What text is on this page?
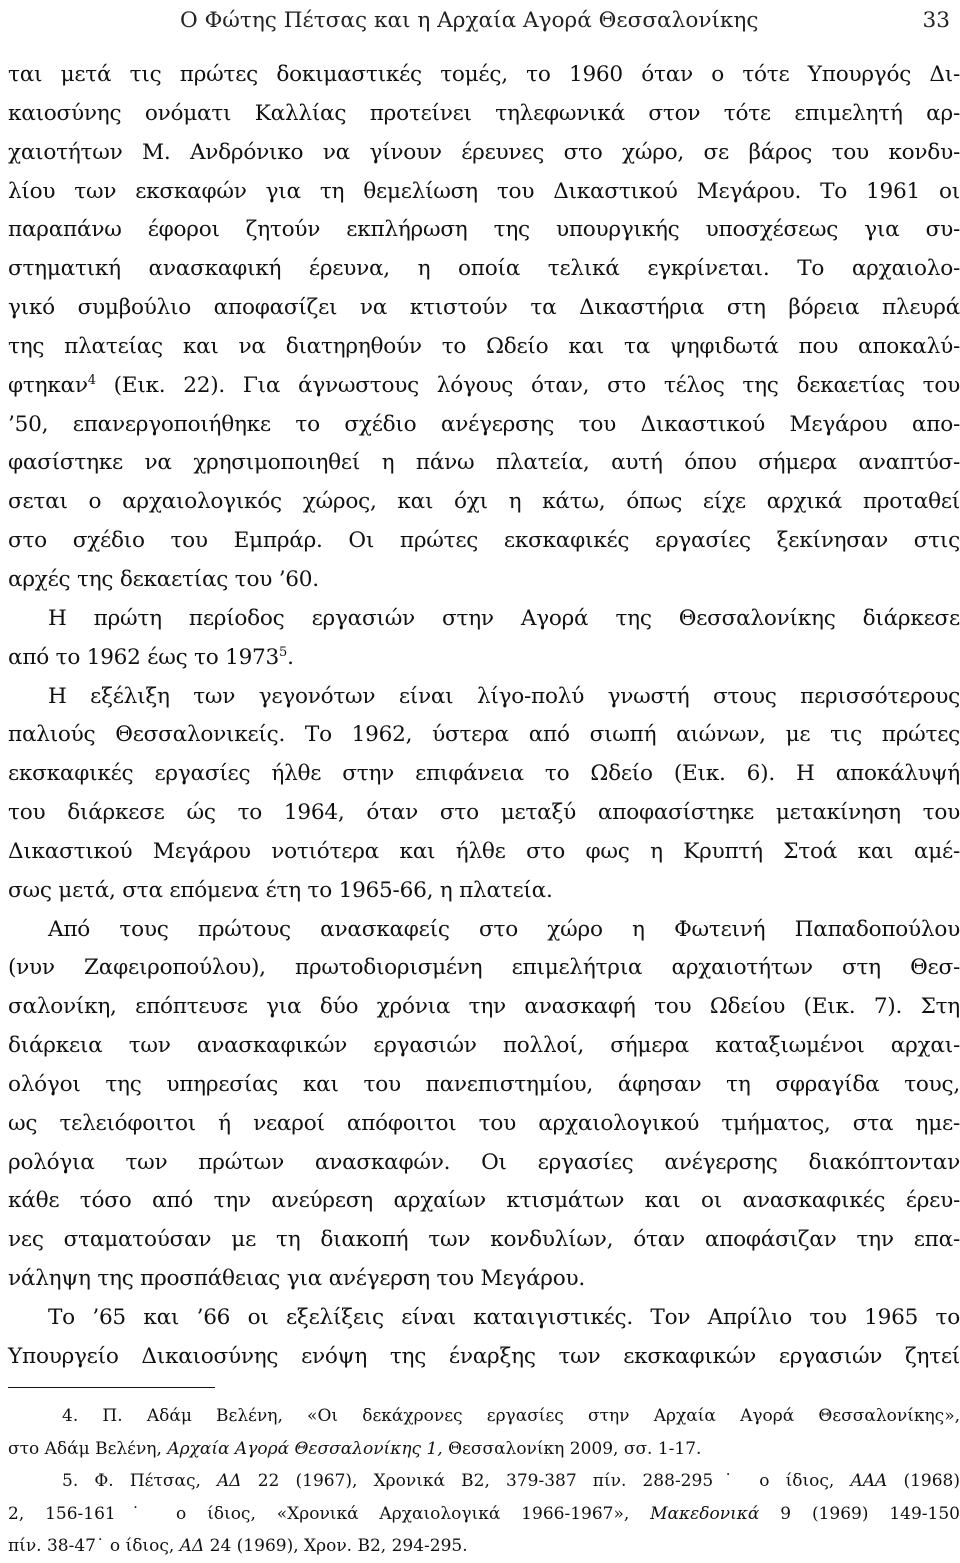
Ο Φώτης Πέτσας και η Αρχαία Αγορά Θεσσαλονίκης	33
ται μετά τις πρώτες δοκιμαστικές τομές, το 1960 όταν ο τότε Υπουργός Δι-
καιοσύνης ονόματι Καλλίας προτείνει τηλεφωνικά στον τότε επιμελητή αρ-
χαιοτήτων Μ. Ανδρόνικο να γίνουν έρευνες στο χώρο, σε βάρος του κονδυ-
λίου των εκσκαφών για τη θεμελίωση του Δικαστικού Μεγάρου. Το 1961 οι
παραπάνω έφοροι ζητούν εκπλήρωση της υπουργικής υποσχέσεως για συ-
στηματική ανασκαφική έρευνα, η οποία τελικά εγκρίνεται. Το αρχαιολο-
γικό συμβούλιο αποφασίζει να κτιστούν τα Δικαστήρια στη βόρεια πλευρά
της πλατείας και να διατηρηθούν το Ωδείο και τα ψηφιδωτά που αποκαλύ-
φτηκαν$^4$ (Εικ. 22). Για άγνωστους λόγους όταν, στο τέλος της δεκαετίας του
’50, επανεργοποιήθηκε το σχέδιο ανέγερσης του Δικαστικού Μεγάρου απο-
φασίστηκε να χρησιμοποιηθεί η πάνω πλατεία, αυτή όπου σήμερα αναπτύσ-
σεται ο αρχαιολογικός χώρος, και όχι η κάτω, όπως είχε αρχικά προταθεί
στο σχέδιο του Εμπράρ. Οι πρώτες εκσκαφικές εργασίες ξεκίνησαν στις
αρχές της δεκαετίας του ’60.
Η πρώτη περίοδος εργασιών στην Αγορά της Θεσσαλονίκης διάρκεσε
από το 1962 έως το 1973$^5$.
Η εξέλιξη των γεγονότων είναι λίγο-πολύ γνωστή στους περισσότερους
παλιούς Θεσσαλονικείς. Το 1962, ύστερα από σιωπή αιώνων, με τις πρώτες
εκσκαφικές εργασίες ήλθε στην επιφάνεια το Ωδείο (Εικ. 6). Η αποκάλυψή
του διάρκεσε ώς το 1964, όταν στο μεταξύ αποφασίστηκε μετακίνηση του
Δικαστικού Μεγάρου νοτιότερα και ήλθε στο φως η Κρυπτή Στοά και αμέ-
σως μετά, στα επόμενα έτη το 1965-66, η πλατεία.
Από τους πρώτους ανασκαφείς στο χώρο η Φωτεινή Παπαδοπούλου
(νυν Ζαφειροπούλου), πρωτοδιορισμένη επιμελήτρια αρχαιοτήτων στη Θεσ-
σαλονίκη, επόπτευσε για δύο χρόνια την ανασκαφή του Ωδείου (Εικ. 7). Στη
διάρκεια των ανασκαφικών εργασιών πολλοί, σήμερα καταξιωμένοι αρχαι-
ολόγοι της υπηρεσίας και του πανεπιστημίου, άφησαν τη σφραγίδα τους,
ως τελειόφοιτοι ή νεαροί απόφοιτοι του αρχαιολογικού τμήματος, στα ημε-
ρολόγια των πρώτων ανασκαφών. Οι εργασίες ανέγερσης διακόπτονταν
κάθε τόσο από την ανεύρεση αρχαίων κτισμάτων και οι ανασκαφικές έρευ-
νες σταματούσαν με τη διακοπή των κονδυλίων, όταν αποφάσιζαν την επα-
νάληψη της προσπάθειας για ανέγερση του Μεγάρου.
Το ’65 και ’66 οι εξελίξεις είναι καταιγιστικές. Τον Απρίλιο του 1965 το
Υπουργείο Δικαιοσύνης ενόψη της έναρξης των εκσκαφικών εργασιών ζητεί
4. Π. Αδάμ Βελένη, «Οι δεκάχρονες εργασίες στην Αρχαία Αγορά Θεσσαλονίκης»,
στο Αδάμ Βελένη, Αρχαία Αγορά Θεσσαλονίκης 1, Θεσσαλονίκη 2009, σσ. 1-17.
5. Φ. Πέτσας, ΑΔ 22 (1967), Χρονικά Β2, 379-387 πίν. 288-295˙ ο ίδιος, ΑΑΑ (1968)
2, 156-161˙ ο ίδιος, «Χρονικά Αρχαιολογικά 1966-1967», Μακεδονικά 9 (1969) 149-150
πίν. 38-47˙ ο ίδιος, ΑΔ 24 (1969), Χρον. Β2, 294-295.
